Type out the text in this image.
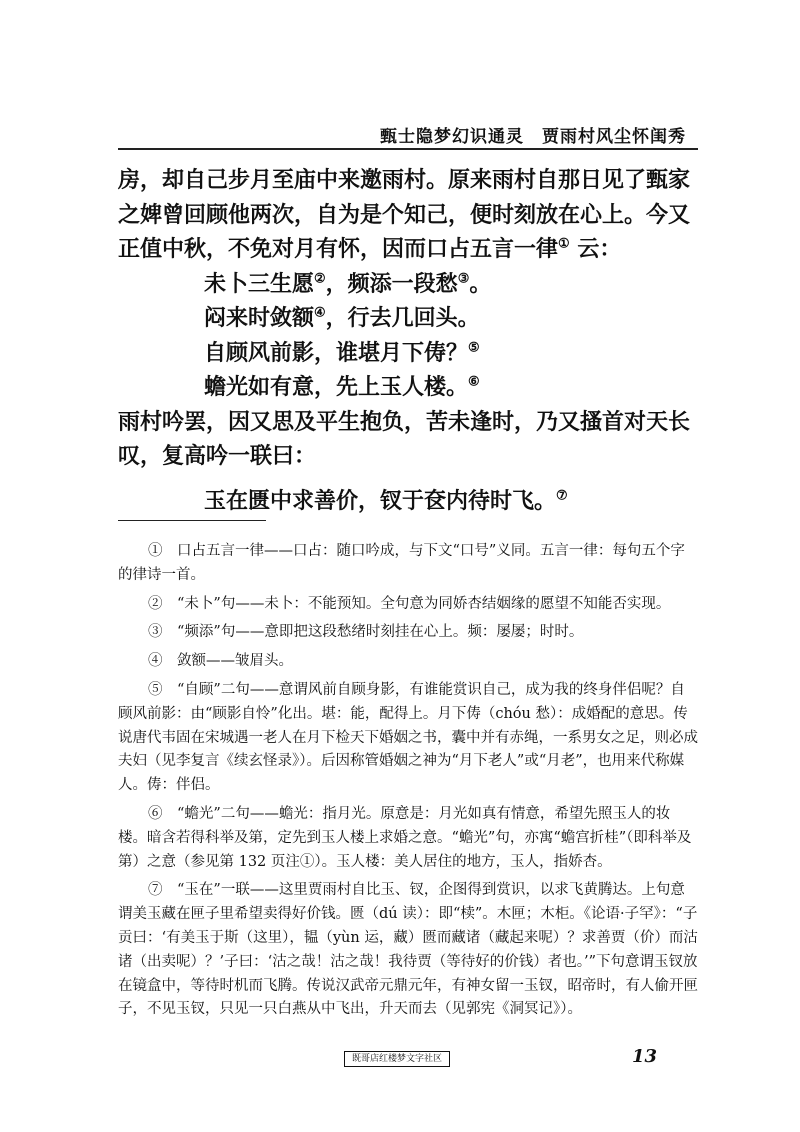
甄士隐梦幻识通灵　贾雨村风尘怀闺秀

房，却自己步月至庙中来邀雨村。原来雨村自那日见了甄家之婢曾回顾他两次，自为是个知己，便时刻放在心上。今又正值中秋，不免对月有怀，因而口占五言一律① 云：

未卜三生愿②，频添一段愁③。

闷来时敛额④，行去几回头。

自顾风前影，谁堪月下俦？⑤

蟾光如有意，先上玉人楼。⑥

雨村吟罢，因又思及平生抱负，苦未逢时，乃又搔首对天长叹，复高吟一联曰：

玉在匮中求善价，钗于奁内待时飞。⑦

①　口占五言一律——口占：随口吟成，与下文“口号”义同。五言一律：每句五个字的律诗一首。

②　“未卜”句——未卜：不能预知。全句意为同娇杏结姻缘的愿望不知能否实现。

③　“频添”句——意即把这段愁绪时刻挂在心上。频：屡屡；时时。

④　敛额——皱眉头。

⑤　“自顾”二句——意谓风前自顾身影，有谁能赏识自己，成为我的终身伴侣呢？自顾风前影：由“顾影自怜”化出。堪：能，配得上。月下俦（chóu 愁）：成婚配的意思。传说唐代韦固在宋城遇一老人在月下检天下婚姻之书，囊中并有赤绳，一系男女之足，则必成夫妇（见李复言《续玄怪录》）。后因称管婚姻之神为“月下老人”或“月老”，也用来代称媒人。俦：伴侣。

⑥　“蟾光”二句——蟾光：指月光。原意是：月光如真有情意，希望先照玉人的妆楼。暗含若得科举及第，定先到玉人楼上求婚之意。“蟾光”句，亦寓“蟾宫折桂”（即科举及第）之意（参见第 132 页注①）。玉人楼：美人居住的地方，玉人，指娇杏。

⑦　“玉在”一联——这里贾雨村自比玉、钗，企图得到赏识，以求飞黄腾达。上句意谓美玉藏在匣子里希望卖得好价钱。匮（dú 读）：即“椟”。木匣；木柜。《论语·子罕》：“子贡曰：‘有美玉于斯（这里），韫（yùn 运，藏）匮而藏诸（藏起来呢）？求善贾（价）而沽诸（出卖呢）？’子曰：‘沽之哉！沽之哉！我待贾（等待好的价钱）者也。’”下句意谓玉钗放在镜盒中，等待时机而飞腾。传说汉武帝元鼎元年，有神女留一玉钗，昭帝时，有人偷开匣子，不见玉钗，只见一只白燕从中飞出，升天而去（见郭宪《洞冥记》）。

既哥店红楼梦文字社区	13
